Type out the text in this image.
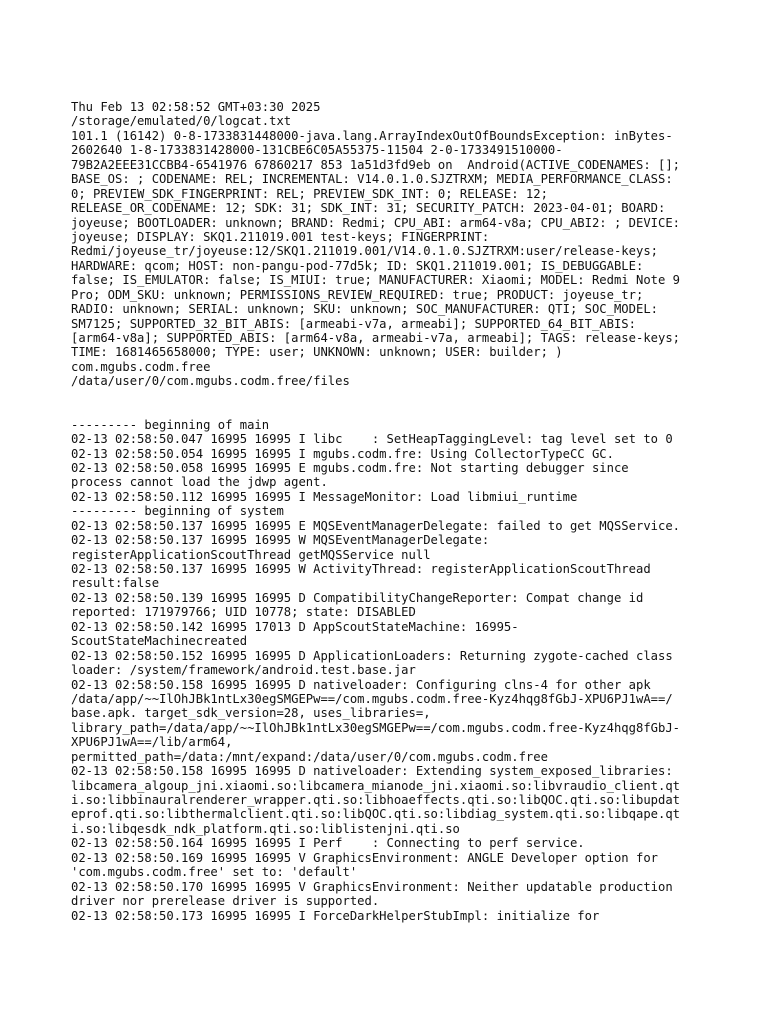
Thu Feb 13 02:58:52 GMT+03:30 2025
/storage/emulated/0/logcat.txt
101.1 (16142) 0-8-1733831448000-java.lang.ArrayIndexOutOfBoundsException: inBytes-
2602640 1-8-1733831428000-131CBE6C05A55375-11504 2-0-1733491510000-
79B2A2EEE31CCBB4-6541976 67860217 853 1a51d3fd9eb on  Android(ACTIVE_CODENAMES: [];
BASE_OS: ; CODENAME: REL; INCREMENTAL: V14.0.1.0.SJZTRXM; MEDIA_PERFORMANCE_CLASS:
0; PREVIEW_SDK_FINGERPRINT: REL; PREVIEW_SDK_INT: 0; RELEASE: 12;
RELEASE_OR_CODENAME: 12; SDK: 31; SDK_INT: 31; SECURITY_PATCH: 2023-04-01; BOARD:
joyeuse; BOOTLOADER: unknown; BRAND: Redmi; CPU_ABI: arm64-v8a; CPU_ABI2: ; DEVICE:
joyeuse; DISPLAY: SKQ1.211019.001 test-keys; FINGERPRINT:
Redmi/joyeuse_tr/joyeuse:12/SKQ1.211019.001/V14.0.1.0.SJZTRXM:user/release-keys;
HARDWARE: qcom; HOST: non-pangu-pod-77d5k; ID: SKQ1.211019.001; IS_DEBUGGABLE:
false; IS_EMULATOR: false; IS_MIUI: true; MANUFACTURER: Xiaomi; MODEL: Redmi Note 9
Pro; ODM_SKU: unknown; PERMISSIONS_REVIEW_REQUIRED: true; PRODUCT: joyeuse_tr;
RADIO: unknown; SERIAL: unknown; SKU: unknown; SOC_MANUFACTURER: QTI; SOC_MODEL:
SM7125; SUPPORTED_32_BIT_ABIS: [armeabi-v7a, armeabi]; SUPPORTED_64_BIT_ABIS:
[arm64-v8a]; SUPPORTED_ABIS: [arm64-v8a, armeabi-v7a, armeabi]; TAGS: release-keys;
TIME: 1681465658000; TYPE: user; UNKNOWN: unknown; USER: builder; )
com.mgubs.codm.free
/data/user/0/com.mgubs.codm.free/files
--------- beginning of main
02-13 02:58:50.047 16995 16995 I libc    : SetHeapTaggingLevel: tag level set to 0
02-13 02:58:50.054 16995 16995 I mgubs.codm.fre: Using CollectorTypeCC GC.
02-13 02:58:50.058 16995 16995 E mgubs.codm.fre: Not starting debugger since
process cannot load the jdwp agent.
02-13 02:58:50.112 16995 16995 I MessageMonitor: Load libmiui_runtime
--------- beginning of system
02-13 02:58:50.137 16995 16995 E MQSEventManagerDelegate: failed to get MQSService.
02-13 02:58:50.137 16995 16995 W MQSEventManagerDelegate:
registerApplicationScoutThread getMQSService null
02-13 02:58:50.137 16995 16995 W ActivityThread: registerApplicationScoutThread
result:false
02-13 02:58:50.139 16995 16995 D CompatibilityChangeReporter: Compat change id
reported: 171979766; UID 10778; state: DISABLED
02-13 02:58:50.142 16995 17013 D AppScoutStateMachine: 16995-
ScoutStateMachinecreated
02-13 02:58:50.152 16995 16995 D ApplicationLoaders: Returning zygote-cached class
loader: /system/framework/android.test.base.jar
02-13 02:58:50.158 16995 16995 D nativeloader: Configuring clns-4 for other apk
/data/app/~~IlOhJBk1ntLx30egSMGEPw==/com.mgubs.codm.free-Kyz4hqg8fGbJ-XPU6PJ1wA==/
base.apk. target_sdk_version=28, uses_libraries=,
library_path=/data/app/~~IlOhJBk1ntLx30egSMGEPw==/com.mgubs.codm.free-Kyz4hqg8fGbJ-
XPU6PJ1wA==/lib/arm64,
permitted_path=/data:/mnt/expand:/data/user/0/com.mgubs.codm.free
02-13 02:58:50.158 16995 16995 D nativeloader: Extending system_exposed_libraries:
libcamera_algoup_jni.xiaomi.so:libcamera_mianode_jni.xiaomi.so:libvraudio_client.qt
i.so:libbinauralrenderer_wrapper.qti.so:libhoaeffects.qti.so:libQOC.qti.so:libupdat
eprof.qti.so:libthermalclient.qti.so:libQOC.qti.so:libdiag_system.qti.so:libqape.qt
i.so:libqesdk_ndk_platform.qti.so:liblistenjni.qti.so
02-13 02:58:50.164 16995 16995 I Perf    : Connecting to perf service.
02-13 02:58:50.169 16995 16995 V GraphicsEnvironment: ANGLE Developer option for
'com.mgubs.codm.free' set to: 'default'
02-13 02:58:50.170 16995 16995 V GraphicsEnvironment: Neither updatable production
driver nor prerelease driver is supported.
02-13 02:58:50.173 16995 16995 I ForceDarkHelperStubImpl: initialize for
